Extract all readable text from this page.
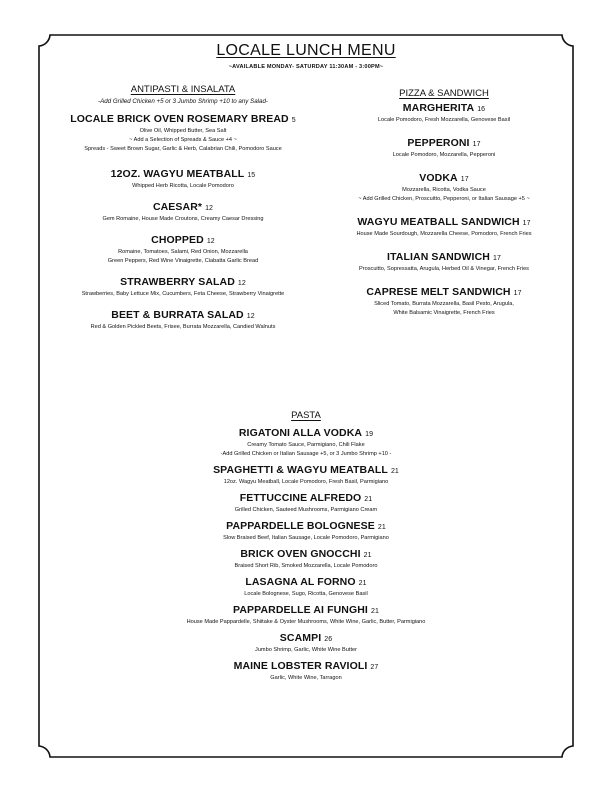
LOCALE LUNCH MENU
~AVAILABLE MONDAY- SATURDAY 11:30AM - 3:00PM~
ANTIPASTI & INSALATA
-Add Grilled Chicken +5 or 3 Jumbo Shrimp +10 to any Salad-
LOCALE BRICK OVEN ROSEMARY BREAD 5
Olive Oil, Whipped Butter, Sea Salt
~ Add a Selection of Spreads & Sauce +4 ~
Spreads - Sweet Brown Sugar, Garlic & Herb, Calabrian Chili, Pomodoro Sauce
12OZ. WAGYU MEATBALL 15
Whipped Herb Ricotta, Locale Pomodoro
CAESAR* 12
Gem Romaine, House Made Croutons, Creamy Caesar Dressing
CHOPPED 12
Romaine, Tomatoes, Salami, Red Onion, Mozzarella
Green Peppers, Red Wine Vinaigrette, Ciabatta Garlic Bread
STRAWBERRY SALAD 12
Strawberries, Baby Lettuce Mix, Cucumbers, Feta Cheese, Strawberry Vinaigrette
BEET & BURRATA SALAD 12
Red & Golden Pickled Beets, Frisee, Burrata Mozzarella, Candied Walnuts
PIZZA & SANDWICH
MARGHERITA 16
Locale Pomodoro, Fresh Mozzarella, Genovese Basil
PEPPERONI 17
Locale Pomodoro, Mozzarella, Pepperoni
VODKA 17
Mozzarella, Ricotta, Vodka Sauce
~ Add Grilled Chicken, Proscuitto, Pepperoni, or Italian Sausage +5 ~
WAGYU MEATBALL SANDWICH 17
House Made Sourdough, Mozzarella Cheese, Pomodoro, French Fries
ITALIAN SANDWICH 17
Proscuitto, Sopressatta, Arugula, Herbed Oil & Vinegar, French Fries
CAPRESE MELT SANDWICH 17
Sliced Tomato, Burrata Mozzarella, Basil Pesto, Arugula,
White Balsamic Vinaigrette, French Fries
PASTA
RIGATONI ALLA VODKA 19
Creamy Tomato Sauce, Parmigiano, Chili Flake
-Add Grilled Chicken or Italian Sausage +5, or 3 Jumbo Shrimp +10 -
SPAGHETTI & WAGYU MEATBALL 21
12oz. Wagyu Meatball, Locale Pomodoro, Fresh Basil, Parmigiano
FETTUCCINE ALFREDO 21
Grilled Chicken, Sauteed Mushrooms, Parmigiano Cream
PAPPARDELLE BOLOGNESE 21
Slow Braised Beef, Italian Sausage, Locale Pomodoro, Parmigiano
BRICK OVEN GNOCCHI 21
Braised Short Rib, Smoked Mozzarella, Locale Pomodoro
LASAGNA AL FORNO 21
Locale Bolognese, Sugo, Ricotta, Genovese Basil
PAPPARDELLE AI FUNGHI 21
House Made Pappardelle, Shiitake & Oyster Mushrooms, White Wine, Garlic, Butter, Parmigiano
SCAMPI 26
Jumbo Shrimp, Garlic, White Wine Butter
MAINE LOBSTER RAVIOLI 27
Garlic, White Wine, Tarragon
